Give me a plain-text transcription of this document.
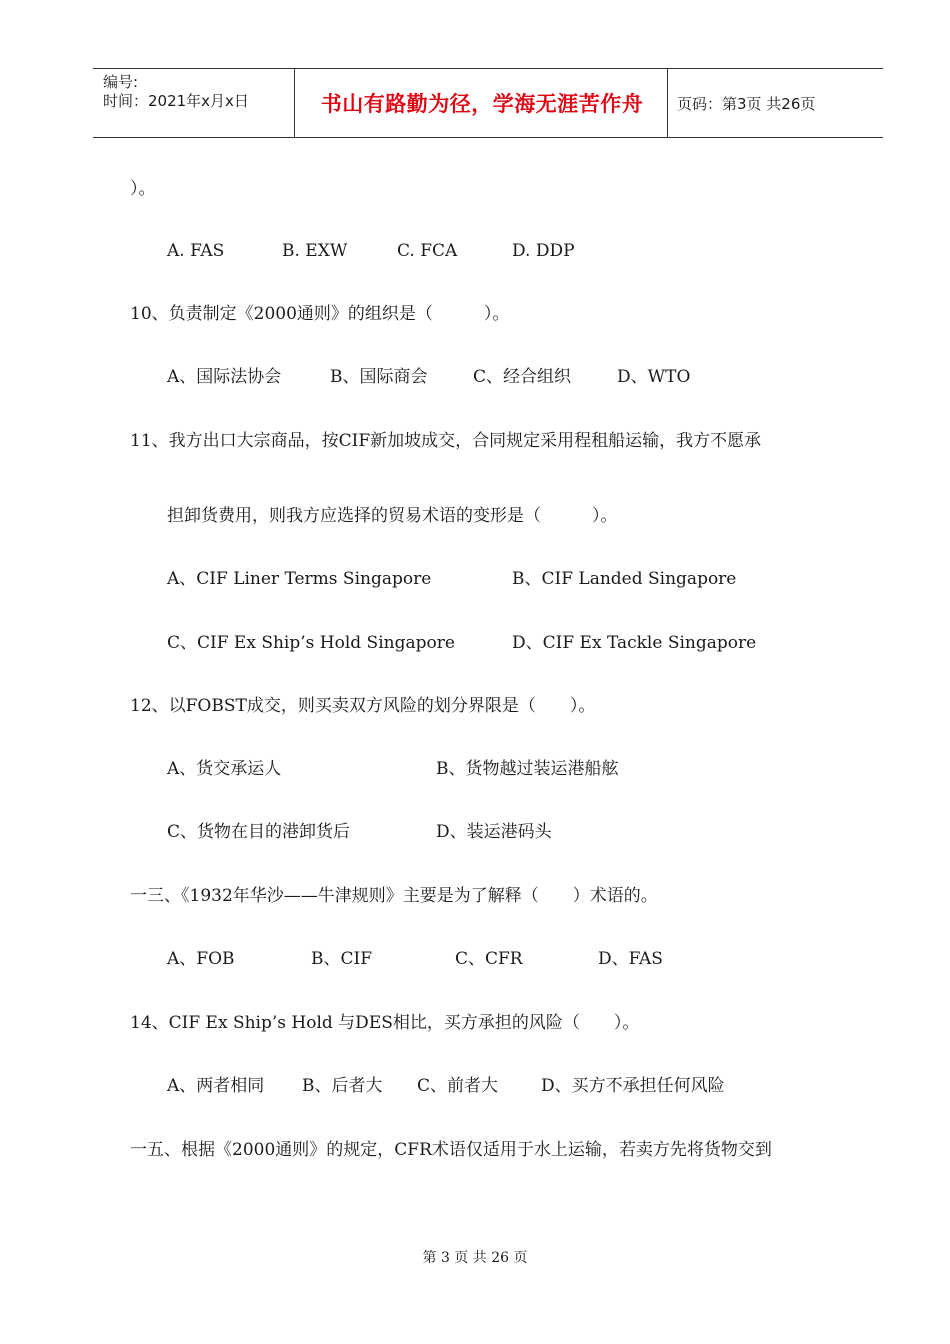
编号:
时间：2021年x月x日	书山有路勤为径，学海无涯苦作舟	页码：第3页 共26页
）。
A. FAS	B. EXW	C. FCA	D. DDP
10、负责制定《2000通则》的组织是（　　　）。
A、国际法协会	B、国际商会	C、经合组织	D、WTO
11、我方出口大宗商品，按CIF新加坡成交，合同规定采用程租船运输，我方不愿承
担卸货费用，则我方应选择的贸易术语的变形是（　　　）。
A、CIF Liner Terms Singapore	B、CIF Landed Singapore
C、CIF Ex Ship’s Hold Singapore	D、CIF Ex Tackle Singapore
12、以FOBST成交，则买卖双方风险的划分界限是（　　）。
A、货交承运人	B、货物越过装运港船舷
C、货物在目的港卸货后	D、装运港码头
一三、《1932年华沙——牛津规则》主要是为了解释（　　）术语的。
A、FOB	B、CIF	C、CFR	D、FAS
14、CIF Ex Ship’s Hold 与DES相比，买方承担的风险（　　）。
A、两者相同 B、后者大 C、前者大	D、买方不承担任何风险
一五、根据《2000通则》的规定，CFR术语仅适用于水上运输，若卖方先将货物交到
第 3 页 共 26 页
